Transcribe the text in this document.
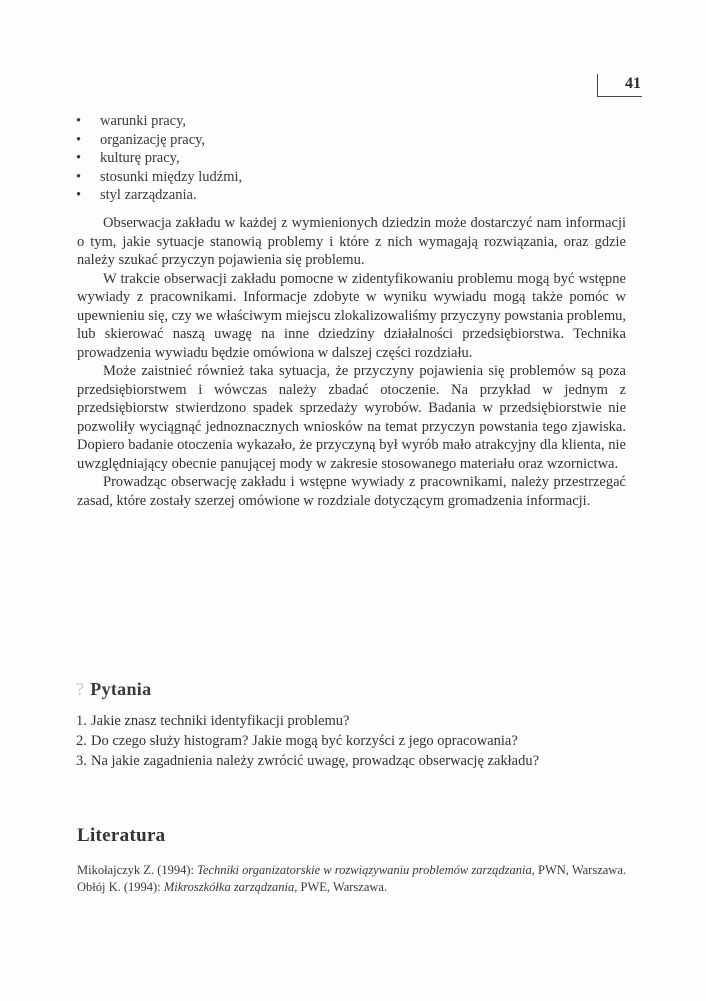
41
• warunki pracy,
• organizację pracy,
• kulturę pracy,
• stosunki między ludźmi,
• styl zarządzania.

Obserwacja zakładu w każdej z wymienionych dziedzin może dostarczyć nam informacji o tym, jakie sytuacje stanowią problemy i które z nich wymagają rozwiązania, oraz gdzie należy szukać przyczyn pojawienia się problemu.

W trakcie obserwacji zakładu pomocne w zidentyfikowaniu problemu mogą być wstępne wywiady z pracownikami. Informacje zdobyte w wyniku wywiadu mogą także pomóc w upewnieniu się, czy we właściwym miejscu zlokalizowaliśmy przyczyny powstania problemu, lub skierować naszą uwagę na inne dziedziny działalności przedsiębiorstwa. Technika prowadzenia wywiadu będzie omówiona w dalszej części rozdziału.

Może zaistnieć również taka sytuacja, że przyczyny pojawienia się problemów są poza przedsiębiorstwem i wówczas należy zbadać otoczenie. Na przykład w jednym z przedsiębiorstw stwierdzono spadek sprzedaży wyrobów. Badania w przedsiębiorstwie nie pozwoliły wyciągnąć jednoznacznych wniosków na temat przyczyn powstania tego zjawiska. Dopiero badanie otoczenia wykazało, że przyczyną był wyrób mało atrakcyjny dla klienta, nie uwzględniający obecnie panującej mody w zakresie stosowanego materiału oraz wzornictwa.

Prowadząc obserwację zakładu i wstępne wywiady z pracownikami, należy przestrzegać zasad, które zostały szerzej omówione w rozdziale dotyczącym gromadzenia informacji.

? Pytania
1. Jakie znasz techniki identyfikacji problemu?
2. Do czego służy histogram? Jakie mogą być korzyści z jego opracowania?
3. Na jakie zagadnienia należy zwrócić uwagę, prowadząc obserwację zakładu?
Literatura
Mikołajczyk Z. (1994): Techniki organizatorskie w rozwiązywaniu problemów zarządzania, PWN, Warszawa.
Obłój K. (1994): Mikroszkółka zarządzania, PWE, Warszawa.
